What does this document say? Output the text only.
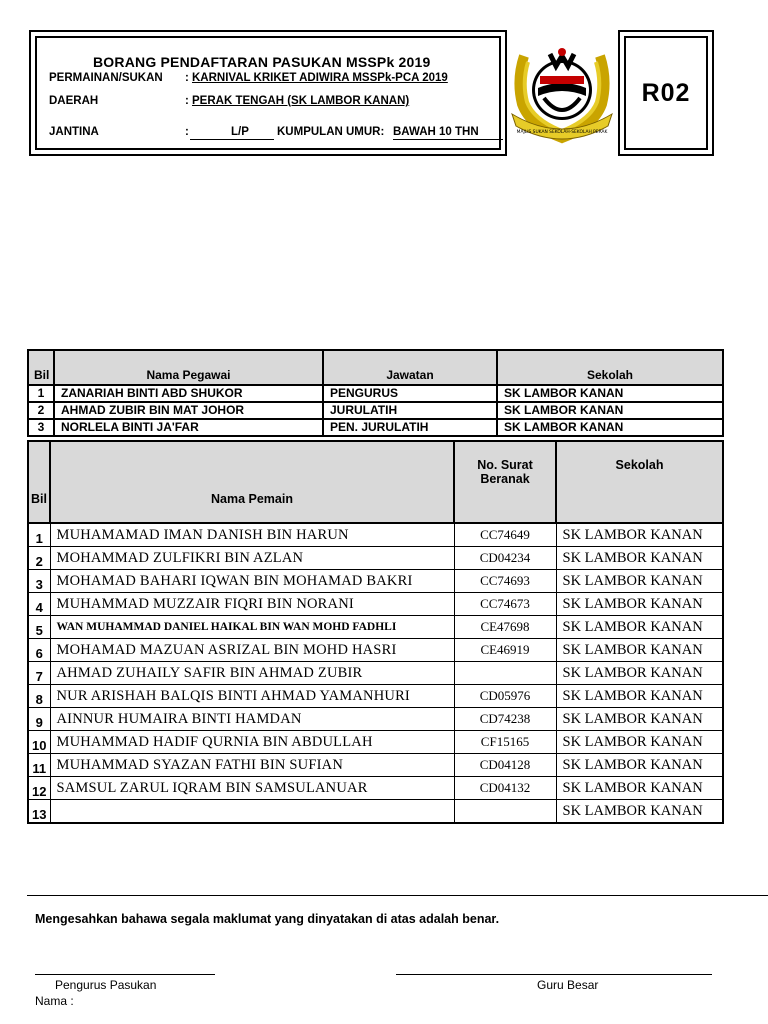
BORANG PENDAFTARAN PASUKAN MSSPk 2019
PERMAINAN/SUKAN	: KARNIVAL KRIKET ADIWIRA MSSPk-PCA 2019
DAERAH	: PERAK TENGAH (SK LAMBOR KANAN)
JANTINA	:	L/P KUMPULAN UMUR: BAWAH 10 THN	MAJLIS SUKAN SEKOLAH-SEKOLAH PERAK
R02
Bil	Nama Pegawai	Jawatan	Sekolah
1	ZANARIAH BINTI ABD SHUKOR	PENGURUS	SK LAMBOR KANAN
2	AHMAD ZUBIR BIN MAT JOHOR	JURULATIH	SK LAMBOR KANAN
3	NORLELA BINTI JA'FAR	PEN. JURULATIH	SK LAMBOR KANAN
Bil	Nama Pemain	No. Surat Beranak	Sekolah
1	MUHAMAMAD IMAN DANISH BIN HARUN	CC74649	SK LAMBOR KANAN
2	MOHAMMAD ZULFIKRI BIN AZLAN	CD04234	SK LAMBOR KANAN
3	MOHAMAD BAHARI IQWAN BIN MOHAMAD BAKRI	CC74693	SK LAMBOR KANAN
4	MUHAMMAD MUZZAIR FIQRI BIN NORANI	CC74673	SK LAMBOR KANAN
5	WAN MUHAMMAD DANIEL HAIKAL BIN WAN MOHD FADHLI	CE47698	SK LAMBOR KANAN
6	MOHAMAD MAZUAN ASRIZAL BIN MOHD HASRI	CE46919	SK LAMBOR KANAN
7	AHMAD ZUHAILY SAFIR BIN AHMAD ZUBIR		SK LAMBOR KANAN
8	NUR ARISHAH BALQIS BINTI AHMAD YAMANHURI	CD05976	SK LAMBOR KANAN
9	AINNUR HUMAIRA BINTI HAMDAN	CD74238	SK LAMBOR KANAN
10	MUHAMMAD HADIF QURNIA BIN ABDULLAH	CF15165	SK LAMBOR KANAN
11	MUHAMMAD SYAZAN FATHI BIN SUFIAN	CD04128	SK LAMBOR KANAN
12	SAMSUL ZARUL IQRAM BIN SAMSULANUAR	CD04132	SK LAMBOR KANAN
13			SK LAMBOR KANAN
Mengesahkan bahawa segala maklumat yang dinyatakan di atas adalah benar.
Pengurus Pasukan	Guru Besar
Nama :
